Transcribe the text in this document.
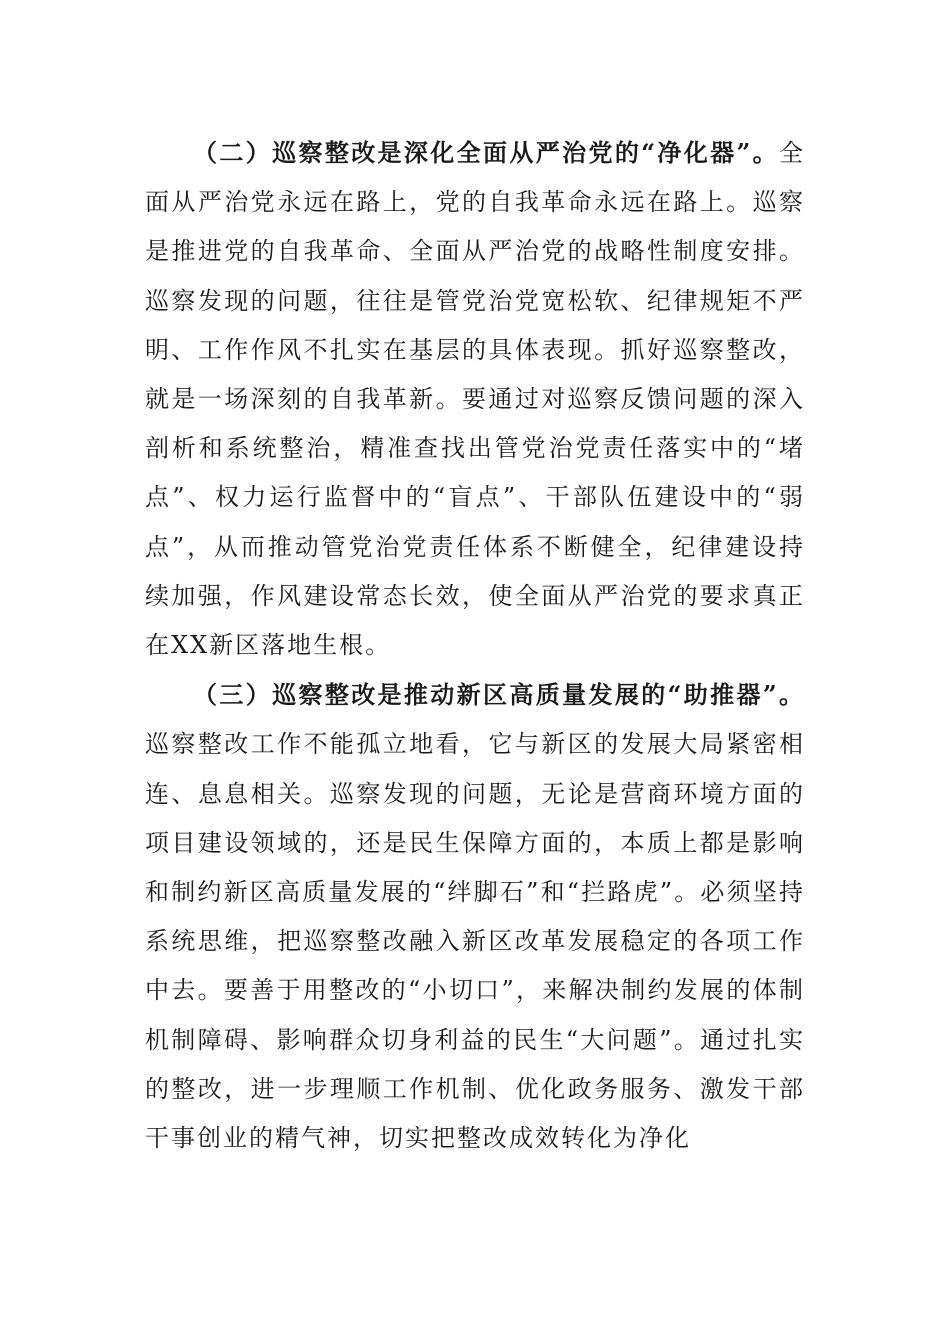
（二）巡察整改是深化全面从严治党的“净化器”。全面从严治党永远在路上，党的自我革命永远在路上。巡察是推进党的自我革命、全面从严治党的战略性制度安排。巡察发现的问题，往往是管党治党宽松软、纪律规矩不严明、工作作风不扎实在基层的具体表现。抓好巡察整改，就是一场深刻的自我革新。要通过对巡察反馈问题的深入剖析和系统整治，精准查找出管党治党责任落实中的“堵点”、权力运行监督中的“盲点”、干部队伍建设中的“弱点”，从而推动管党治党责任体系不断健全，纪律建设持续加强，作风建设常态长效，使全面从严治党的要求真正在XX新区落地生根。

（三）巡察整改是推动新区高质量发展的“助推器”。巡察整改工作不能孤立地看，它与新区的发展大局紧密相连、息息相关。巡察发现的问题，无论是营商环境方面的项目建设领域的，还是民生保障方面的，本质上都是影响和制约新区高质量发展的“绊脚石”和“拦路虎”。必须坚持系统思维，把巡察整改融入新区改革发展稳定的各项工作中去。要善于用整改的“小切口”，来解决制约发展的体制机制障碍、影响群众切身利益的民生“大问题”。通过扎实的整改，进一步理顺工作机制、优化政务服务、激发干部干事创业的精气神，切实把整改成效转化为净化
